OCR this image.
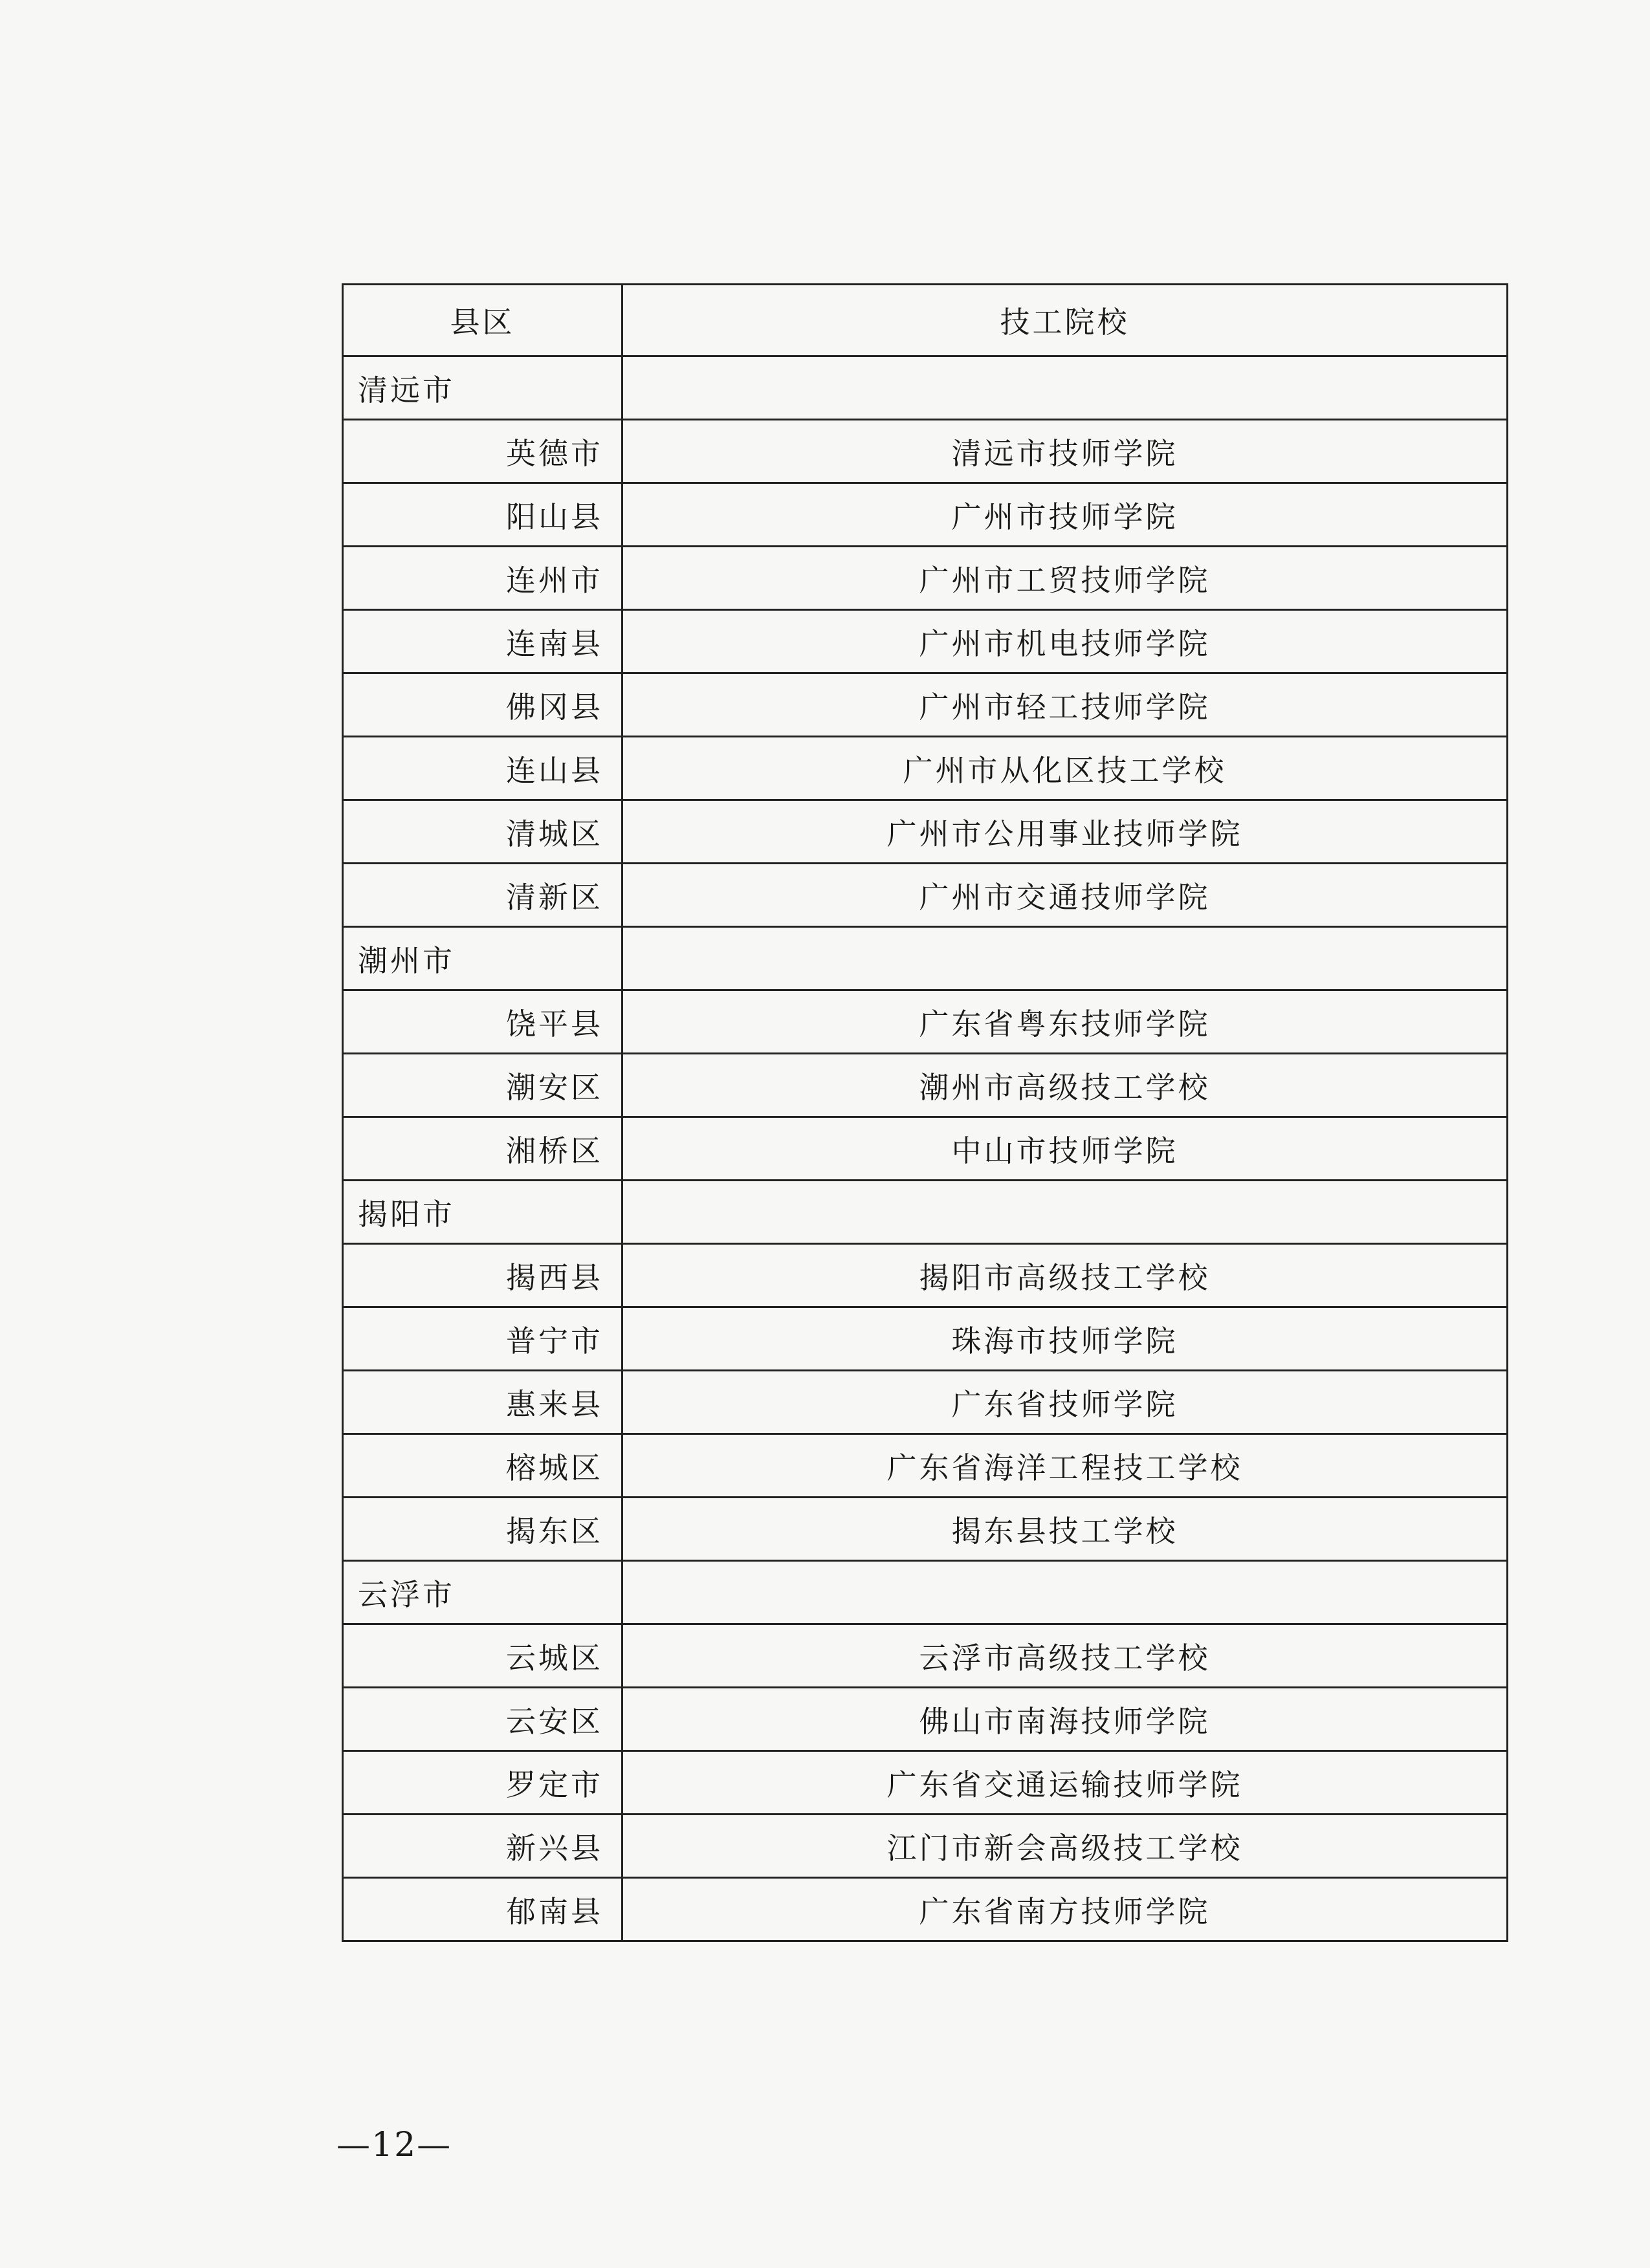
县区	技工院校
清远市	
英德市	清远市技师学院
阳山县	广州市技师学院
连州市	广州市工贸技师学院
连南县	广州市机电技师学院
佛冈县	广州市轻工技师学院
连山县	广州市从化区技工学校
清城区	广州市公用事业技师学院
清新区	广州市交通技师学院
潮州市	
饶平县	广东省粤东技师学院
潮安区	潮州市高级技工学校
湘桥区	中山市技师学院
揭阳市	
揭西县	揭阳市高级技工学校
普宁市	珠海市技师学院
惠来县	广东省技师学院
榕城区	广东省海洋工程技工学校
揭东区	揭东县技工学校
云浮市	
云城区	云浮市高级技工学校
云安区	佛山市南海技师学院
罗定市	广东省交通运输技师学院
新兴县	江门市新会高级技工学校
郁南县	广东省南方技师学院
—12—
